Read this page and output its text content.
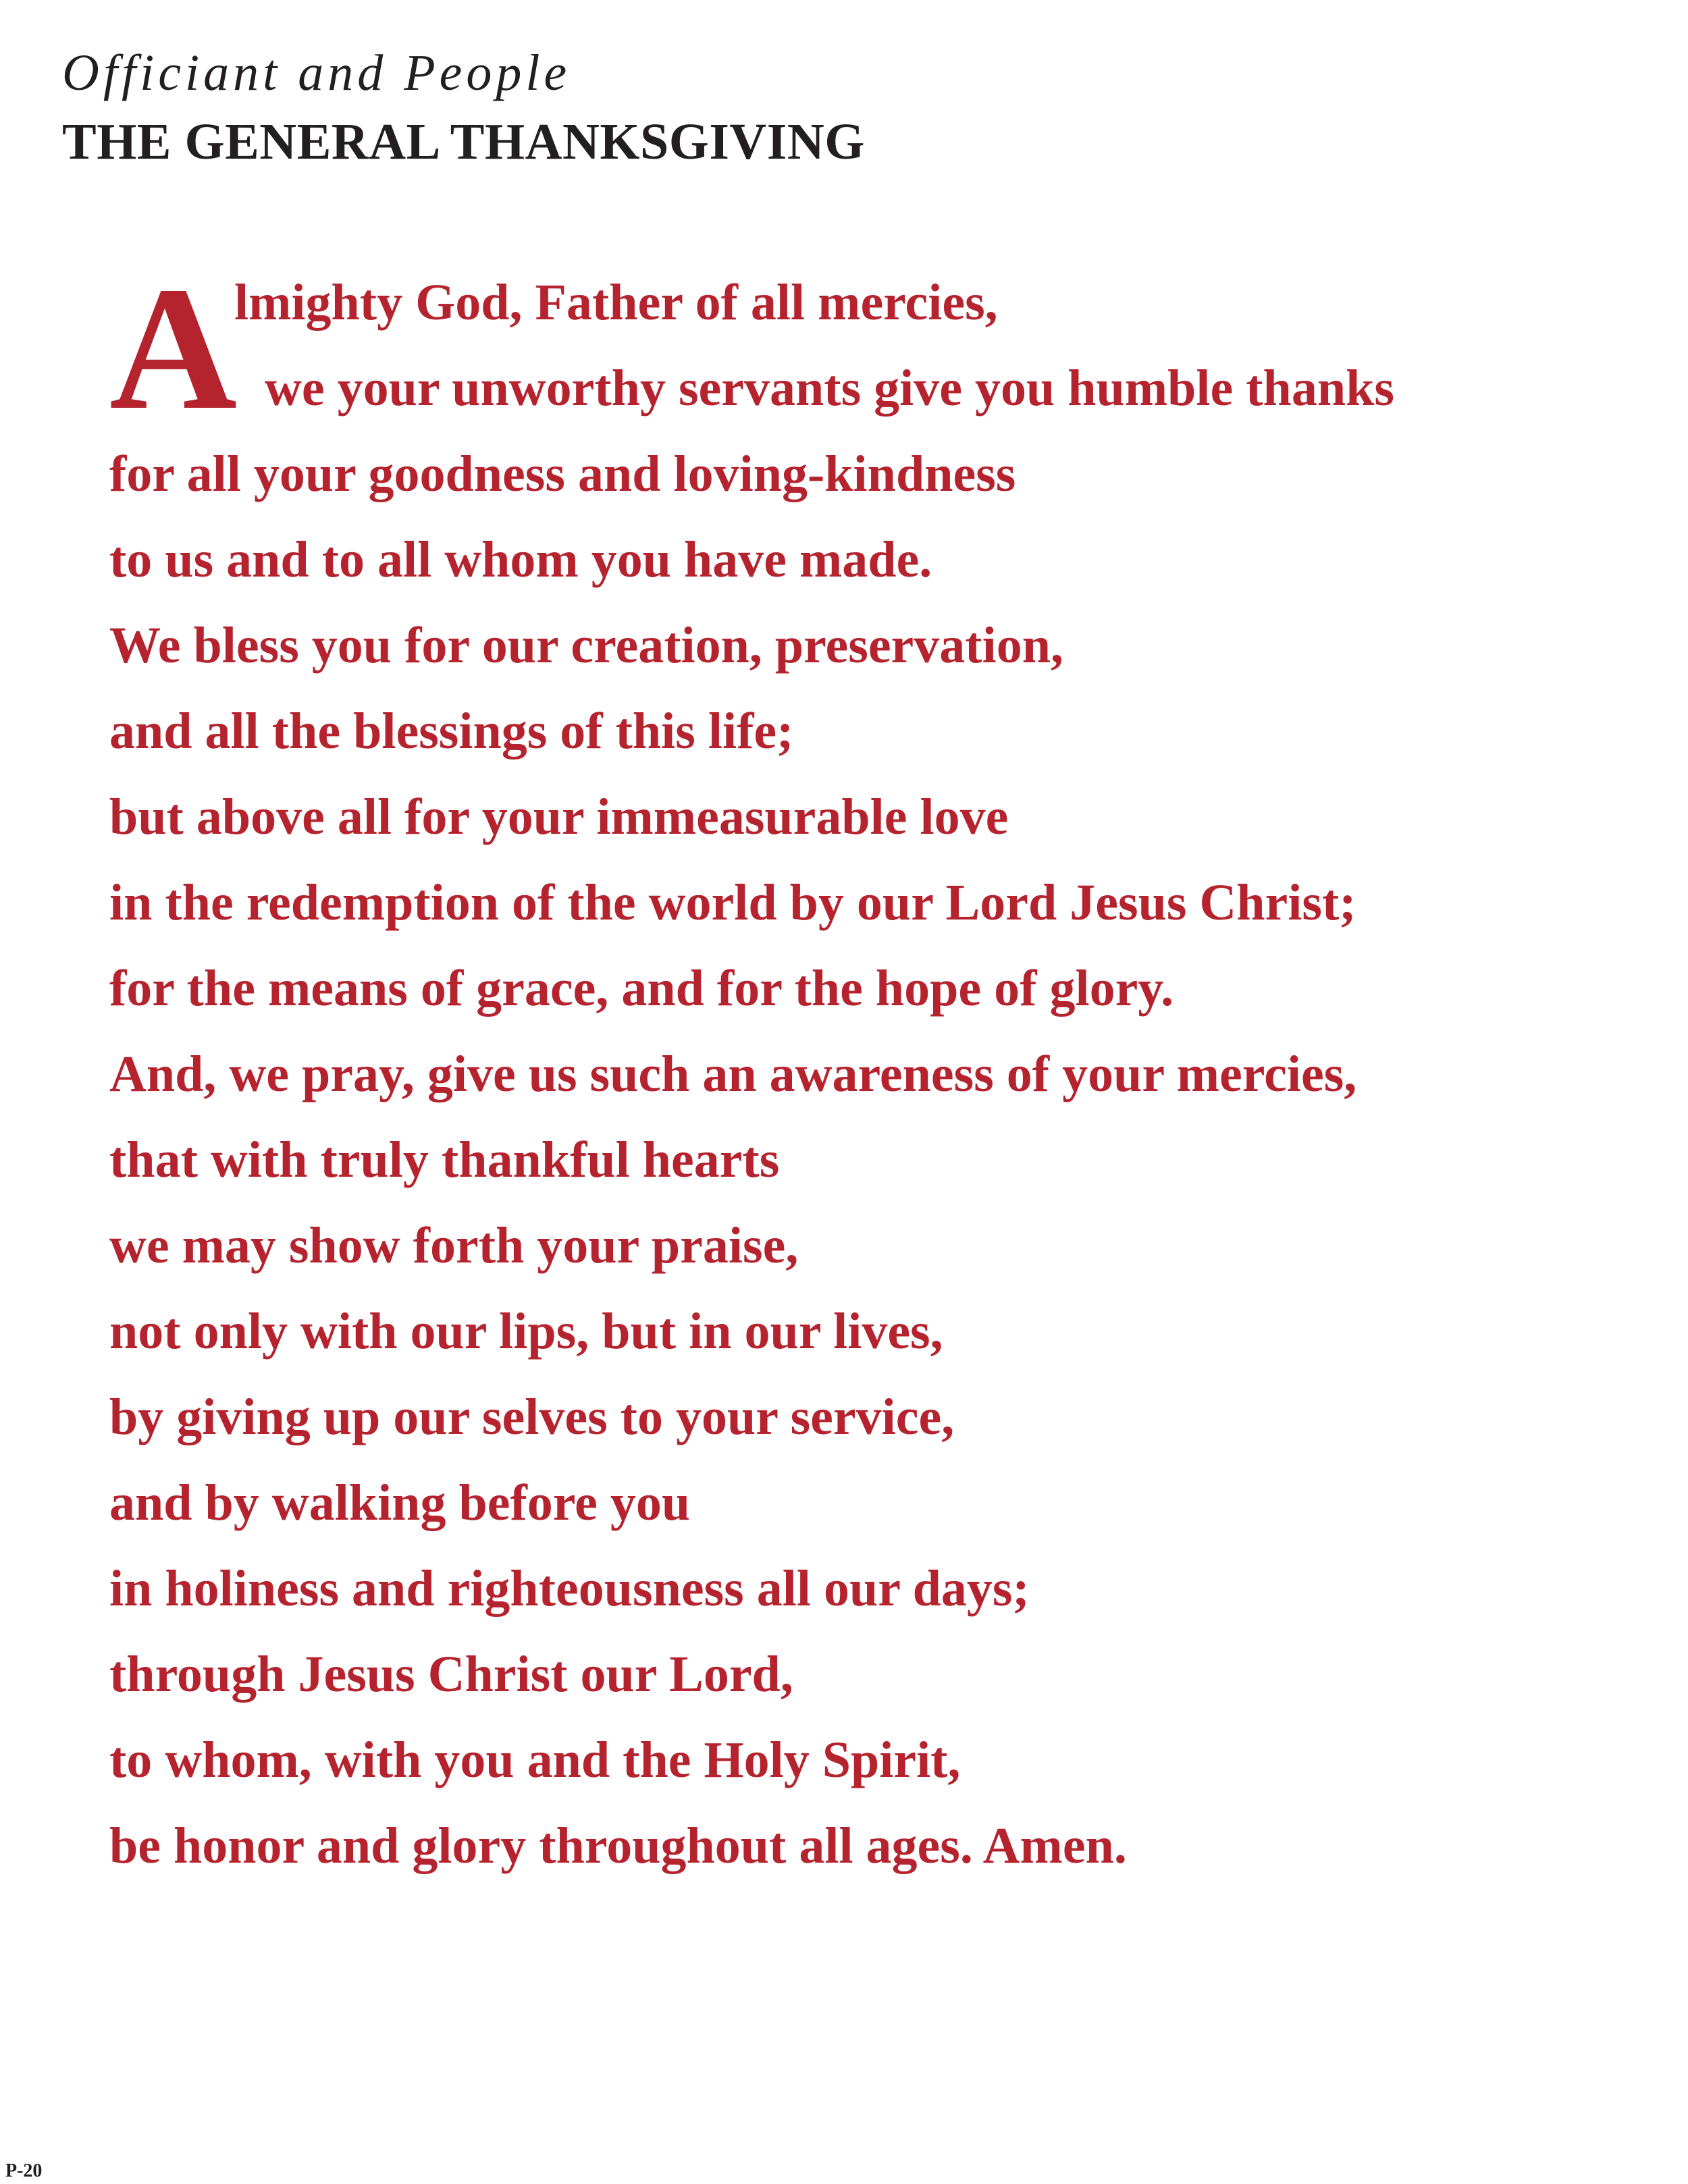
Officiant and People
THE GENERAL THANKSGIVING
A
lmighty God, Father of all mercies,
we your unworthy servants give you humble thanks
for all your goodness and loving-kindness
to us and to all whom you have made.
We bless you for our creation, preservation,
and all the blessings of this life;
but above all for your immeasurable love
in the redemption of the world by our Lord Jesus Christ;
for the means of grace, and for the hope of glory.
And, we pray, give us such an awareness of your mercies,
that with truly thankful hearts
we may show forth your praise,
not only with our lips, but in our lives,
by giving up our selves to your service,
and by walking before you
in holiness and righteousness all our days;
through Jesus Christ our Lord,
to whom, with you and the Holy Spirit,
be honor and glory throughout all ages. Amen.
P-20
